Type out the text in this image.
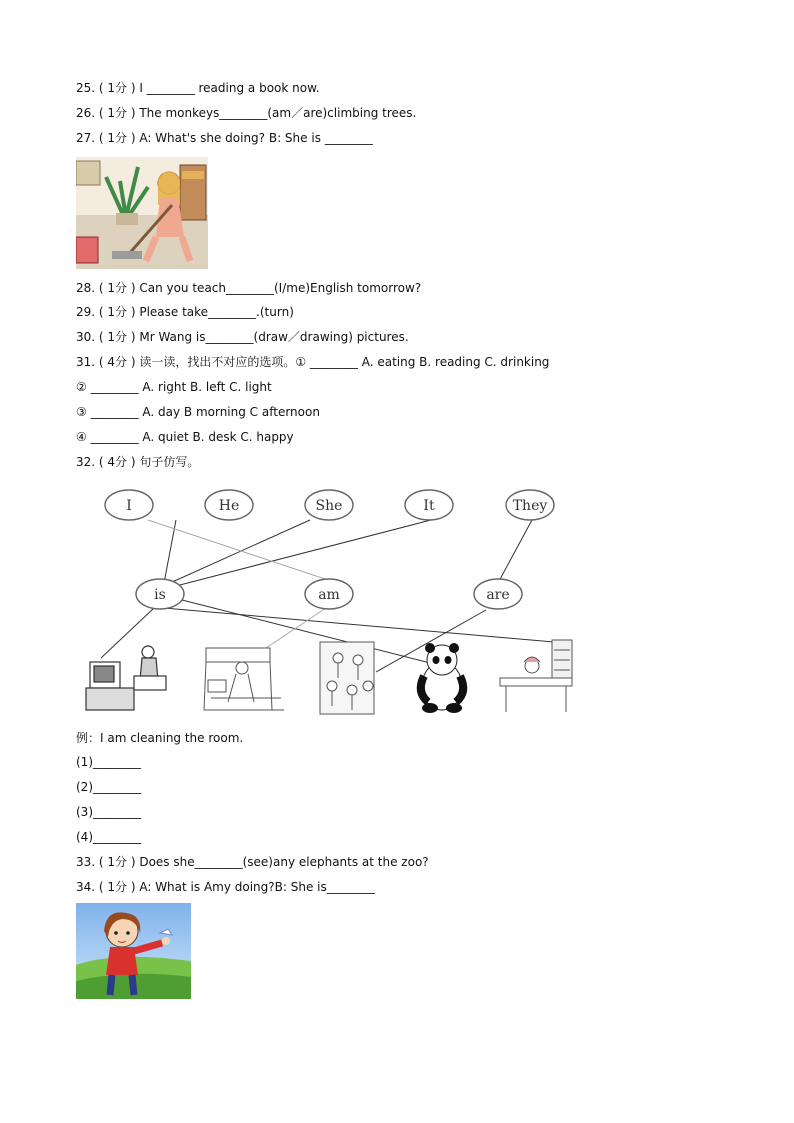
25. ( 1分 ) I ________ reading a book now.
26. ( 1分 ) The monkeys________(am／are)climbing trees.
27. ( 1分 ) A: What's she doing? B: She is ________
28. ( 1分 ) Can you teach________(I/me)English tomorrow?
29. ( 1分 ) Please take________.(turn)
30. ( 1分 ) Mr Wang is________(draw／drawing) pictures.
31. ( 4分 ) 读一读，找出不对应的选项。① ________ A. eating B. reading C. drinking
② ________ A. right B. left C. light
③ ________ A. day B morning C afternoon
④ ________ A. quiet B. desk C. happy
32. ( 4分 ) 句子仿写。
I	He	She	It	They
is	am	are
例：I am cleaning the room.
(1)________
(2)________
(3)________
(4)________
33. ( 1分 ) Does she________(see)any elephants at the zoo?
34. ( 1分 ) A: What is Amy doing?B: She is________
